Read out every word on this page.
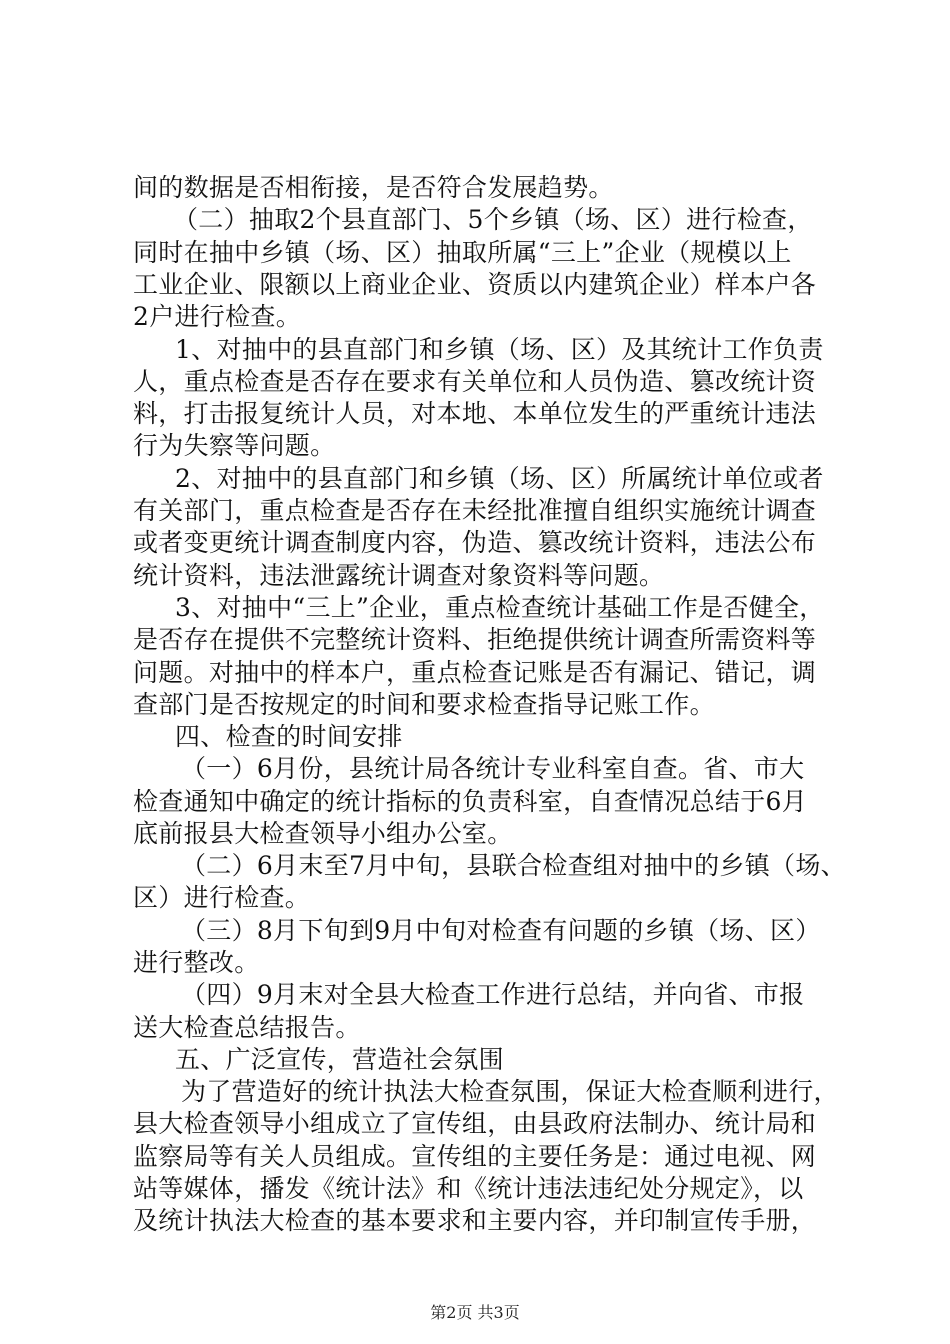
间的数据是否相衔接，是否符合发展趋势。
（二）抽取2个县直部门、5个乡镇（场、区）进行检查，
同时在抽中乡镇（场、区）抽取所属“三上”企业（规模以上
工业企业、限额以上商业企业、资质以内建筑企业）样本户各
2户进行检查。
1、对抽中的县直部门和乡镇（场、区）及其统计工作负责
人，重点检查是否存在要求有关单位和人员伪造、篡改统计资
料，打击报复统计人员，对本地、本单位发生的严重统计违法
行为失察等问题。
2、对抽中的县直部门和乡镇（场、区）所属统计单位或者
有关部门，重点检查是否存在未经批准擅自组织实施统计调查
或者变更统计调查制度内容，伪造、篡改统计资料，违法公布
统计资料，违法泄露统计调查对象资料等问题。
3、对抽中“三上”企业，重点检查统计基础工作是否健全，
是否存在提供不完整统计资料、拒绝提供统计调查所需资料等
问题。对抽中的样本户，重点检查记账是否有漏记、错记，调
查部门是否按规定的时间和要求检查指导记账工作。
四、检查的时间安排
（一）6月份，县统计局各统计专业科室自查。省、市大
检查通知中确定的统计指标的负责科室，自查情况总结于6月
底前报县大检查领导小组办公室。
（二）6月末至7月中旬，县联合检查组对抽中的乡镇（场、
区）进行检查。
（三）8月下旬到9月中旬对检查有问题的乡镇（场、区）
进行整改。
（四）9月末对全县大检查工作进行总结，并向省、市报
送大检查总结报告。
五、广泛宣传，营造社会氛围
为了营造好的统计执法大检查氛围，保证大检查顺利进行，
县大检查领导小组成立了宣传组，由县政府法制办、统计局和
监察局等有关人员组成。宣传组的主要任务是：通过电视、网
站等媒体，播发《统计法》和《统计违法违纪处分规定》，以
及统计执法大检查的基本要求和主要内容，并印制宣传手册，
第2页 共3页
